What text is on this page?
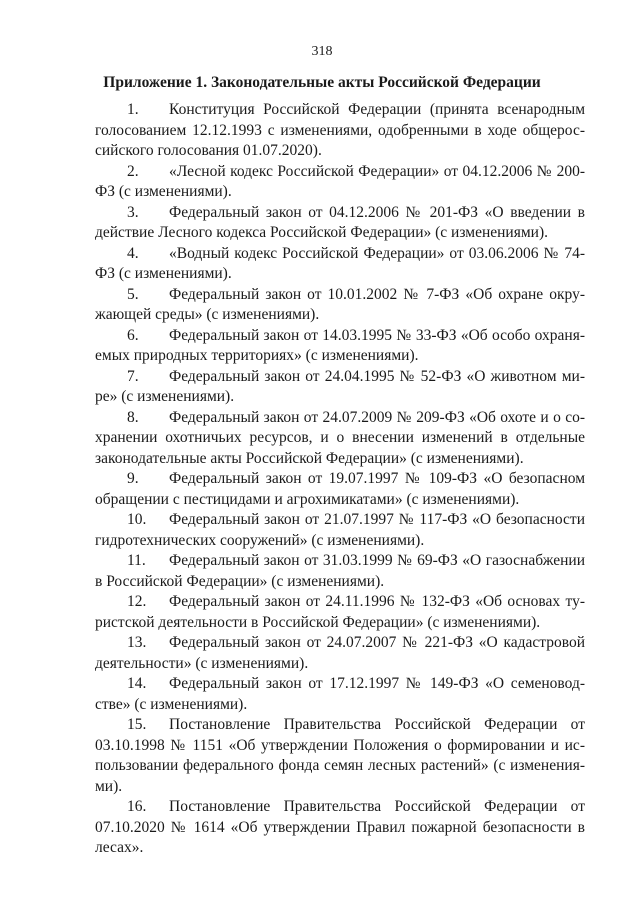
318
Приложение 1. Законодательные акты Российской Федерации

1. Конституция Российской Федерации (принята всенародным голосованием 12.12.1993 с изменениями, одобренными в ходе общероссийского голосования 01.07.2020).

2. «Лесной кодекс Российской Федерации» от 04.12.2006 № 200-ФЗ (с изменениями).

3. Федеральный закон от 04.12.2006 № 201-ФЗ «О введении в действие Лесного кодекса Российской Федерации» (с изменениями).

4. «Водный кодекс Российской Федерации» от 03.06.2006 № 74-ФЗ (с изменениями).

5. Федеральный закон от 10.01.2002 № 7-ФЗ «Об охране окружающей среды» (с изменениями).

6. Федеральный закон от 14.03.1995 № 33-ФЗ «Об особо охраняемых природных территориях» (с изменениями).

7. Федеральный закон от 24.04.1995 № 52-ФЗ «О животном мире» (с изменениями).

8. Федеральный закон от 24.07.2009 № 209-ФЗ «Об охоте и о сохранении охотничьих ресурсов, и о внесении изменений в отдельные законодательные акты Российской Федерации» (с изменениями).

9. Федеральный закон от 19.07.1997 № 109-ФЗ «О безопасном обращении с пестицидами и агрохимикатами» (с изменениями).

10. Федеральный закон от 21.07.1997 № 117-ФЗ «О безопасности гидротехнических сооружений» (с изменениями).

11. Федеральный закон от 31.03.1999 № 69-ФЗ «О газоснабжении в Российской Федерации» (с изменениями).

12. Федеральный закон от 24.11.1996 № 132-ФЗ «Об основах туристской деятельности в Российской Федерации» (с изменениями).

13. Федеральный закон от 24.07.2007 № 221-ФЗ «О кадастровой деятельности» (с изменениями).

14. Федеральный закон от 17.12.1997 № 149-ФЗ «О семеноводстве» (с изменениями).

15. Постановление Правительства Российской Федерации от 03.10.1998 № 1151 «Об утверждении Положения о формировании и использовании федерального фонда семян лесных растений» (с изменениями).

16. Постановление Правительства Российской Федерации от 07.10.2020 № 1614 «Об утверждении Правил пожарной безопасности в лесах».
